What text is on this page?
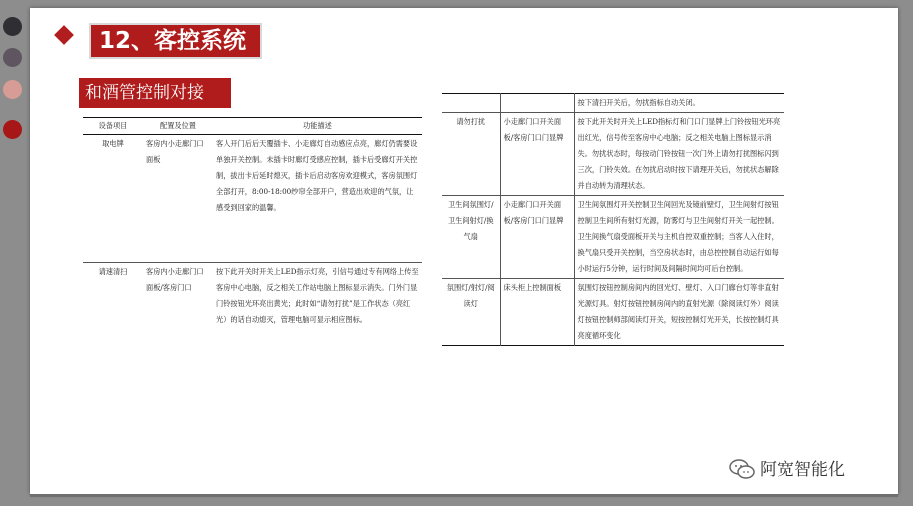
12、客控系统
和酒管控制对接
设备项目	配置及位置	功能描述
取电牌	客房内小走廊门口面板	客人开门后后天覆插卡、小走廊灯自动感应点亮，廊灯仍需要设单独开关控制。未插卡时廊灯受感应控制，插卡后受廊灯开关控制，拔出卡后延时熄灭，插卡后启动客房欢迎模式，客房氛围灯全部打开，8:00-18:00纱帘全部开户，营造出欢迎的气氛，让感受到回家的温馨。
请速清扫	客房内小走廊门口面板/客房门口	按下此开关时开关上LED指示灯亮，引信号通过专有网络上传至客房中心电脑，反之相关工作站电脑上图标显示消失。门外门显门铃按钮光环亮出黄光；此时如“请勿打扰”是工作状态（亮红光）的话自动熄灭，管理电脑可显示相应图标。
		按下清扫开关后，勿扰指标自动关闭。
请勿打扰	小走廊门口开关面板/客房门口门显牌	按下此开关时开关上LED指标灯和门口门显牌上门铃按钮光环亮出红光，信号传至客房中心电脑；反之相关电脑上图标显示消失。勿扰状态时，每按动门铃按钮一次门外上请勿打扰图标闪到三次，门铃失效。在勿扰启动时按下请理开关后，勿扰状态解除并自动转为清理状态。
卫生间氛围灯/卫生间射灯/换气扇	小走廊门口开关面板/客房门口门显牌	卫生间氛围灯开关控制卫生间回光及镜前壁灯，卫生间射灯按钮控制卫生间所有射灯光源，防雾灯与卫生间射灯开关一起控制。卫生间换气扇受面板开关与主机自控双重控制；当客人入住时，换气扇只受开关控制，当空房状态时，由总控控制自动运行如每小时运行5分钟，运行时间及间隔时间均可后台控制。
氛围灯/射灯/阅读灯	床头柜上控制面板	氛围灯按钮控制房间内的回光灯、壁灯、入口门廊台灯等非直射光源灯具。射灯按钮控制房间内的直射光源（除阅读灯外）阅读灯按钮控制师部阅读灯开关，短按控制灯光开关，长按控制灯具亮度循环变化
阿宽智能化
